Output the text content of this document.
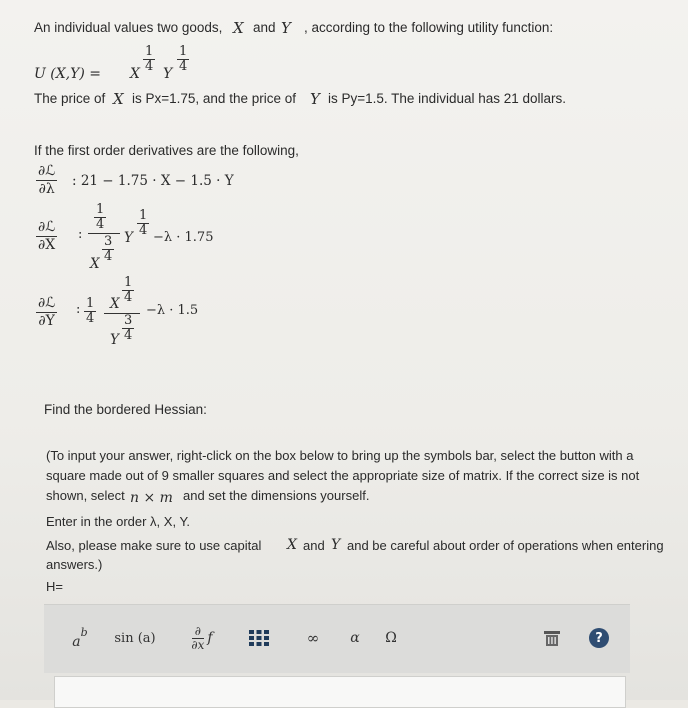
An individual values two goods, X and Y , according to the following utility function:
U (X,Y) = X $\frac{1}{4}$ Y $\frac{1}{4}$
The price of X is Px=1.75, and the price of Y is Py=1.5. The individual has 21 dollars.
If the first order derivatives are the following,
∂ℒ
∂λ : 21 − 1.75 · X − 1.5 · Y
∂ℒ
∂X
:
$\frac{1}{4}$
$\frac{3}{4}$
X
Y $\frac{1}{4} -\lambda \cdot 1.75$
∂ℒ
∂Y
: $\frac{1}{4}$
$\frac{1}{4}$
X
$\frac{3}{4}$
Y
−λ · 1.5
Find the bordered Hessian:
(To input your answer, right-click on the box below to bring up the symbols bar, select the button with a
square made out of 9 smaller squares and select the appropriate size of matrix. If the correct size is not
shown, select n × m and set the dimensions yourself.
Enter in the order λ, X, Y.
Also, please make sure to use capital X and Y and be careful about order of operations when entering
answers.)
H=
a
b sin (a)	∂
∂x f	∞ α Ω	?
